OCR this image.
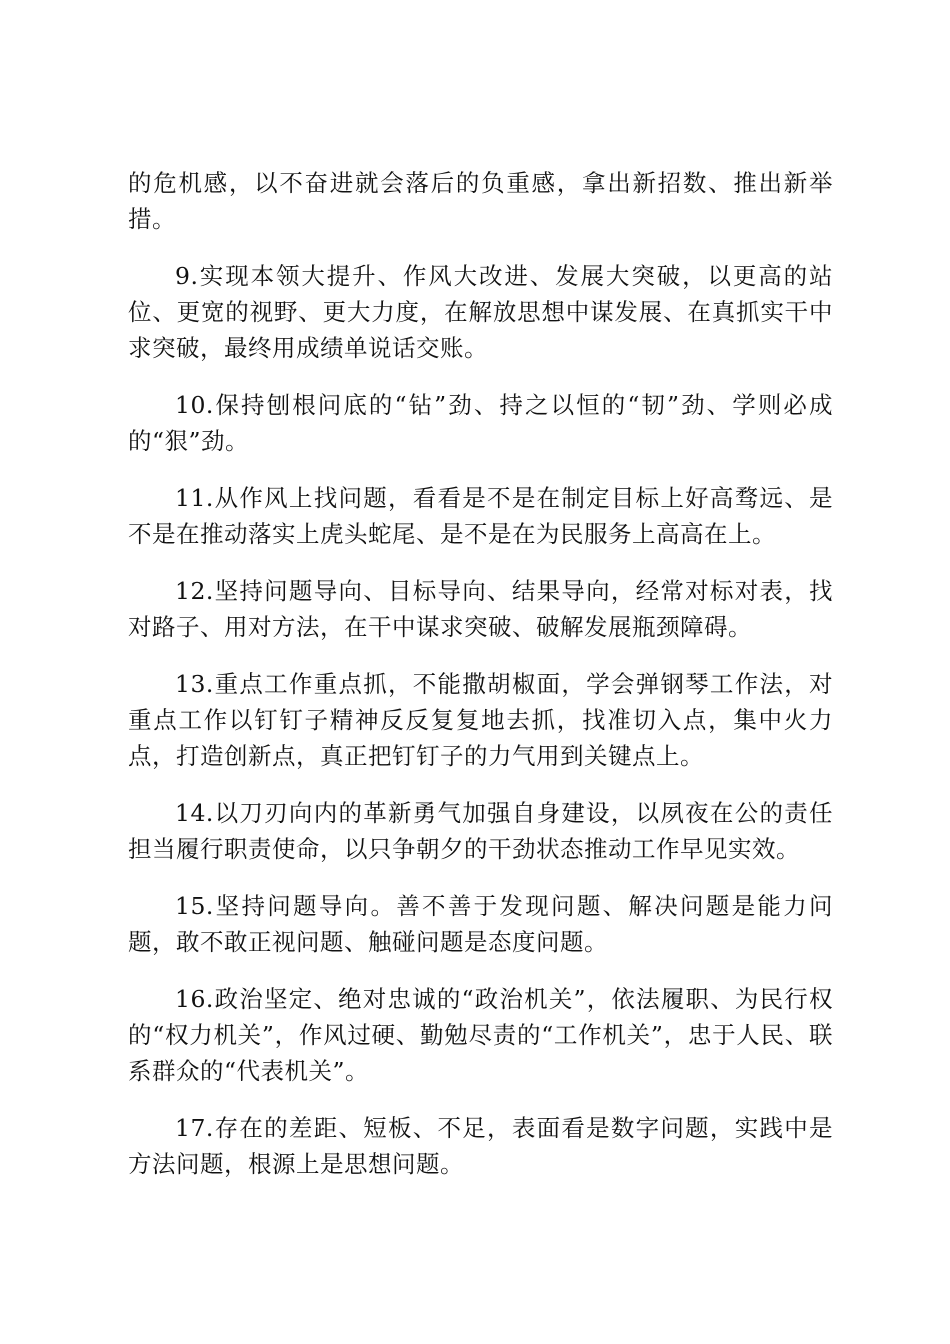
的危机感，以不奋进就会落后的负重感，拿出新招数、推出新举措。

9.实现本领大提升、作风大改进、发展大突破，以更高的站位、更宽的视野、更大力度，在解放思想中谋发展、在真抓实干中求突破，最终用成绩单说话交账。

10.保持刨根问底的“钻”劲、持之以恒的“韧”劲、学则必成的“狠”劲。

11.从作风上找问题，看看是不是在制定目标上好高骛远、是不是在推动落实上虎头蛇尾、是不是在为民服务上高高在上。

12.坚持问题导向、目标导向、结果导向，经常对标对表，找对路子、用对方法，在干中谋求突破、破解发展瓶颈障碍。

13.重点工作重点抓，不能撒胡椒面，学会弹钢琴工作法，对重点工作以钉钉子精神反反复复地去抓，找准切入点，集中火力点，打造创新点，真正把钉钉子的力气用到关键点上。

14.以刀刃向内的革新勇气加强自身建设，以夙夜在公的责任担当履行职责使命，以只争朝夕的干劲状态推动工作早见实效。

15.坚持问题导向。善不善于发现问题、解决问题是能力问题，敢不敢正视问题、触碰问题是态度问题。

16.政治坚定、绝对忠诚的“政治机关”，依法履职、为民行权的“权力机关”，作风过硬、勤勉尽责的“工作机关”，忠于人民、联系群众的“代表机关”。

17.存在的差距、短板、不足，表面看是数字问题，实践中是方法问题，根源上是思想问题。
